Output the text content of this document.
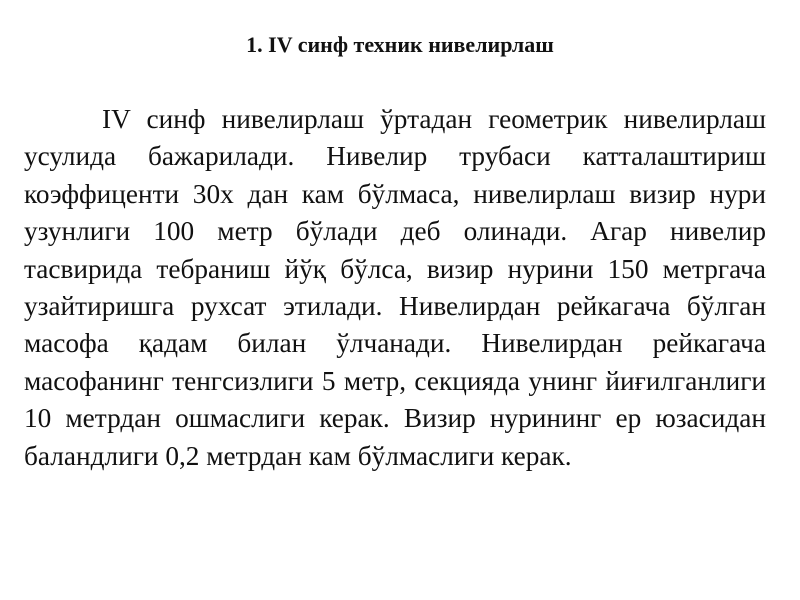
1. IV синф техник нивелирлаш

IV синф нивелирлаш ўртадан геометрик нивелирлаш усулида бажарилади. Нивелир трубаси катталаштириш коэффиценти 30х дан кам бўлмаса, нивелирлаш визир нури узунлиги 100 метр бўлади деб олинади. Агар нивелир тасвирида тебраниш йўқ бўлса, визир нурини 150 метргача узайтиришга рухсат этилади. Нивелирдан рейкагача бўлган масофа қадам билан ўлчанади. Нивелирдан рейкагача масофанинг тенгсизлиги 5 метр, секцияда унинг йиғилганлиги 10 метрдан ошмаслиги керак. Визир нурининг ер юзасидан баландлиги 0,2 метрдан кам бўлмаслиги керак.
